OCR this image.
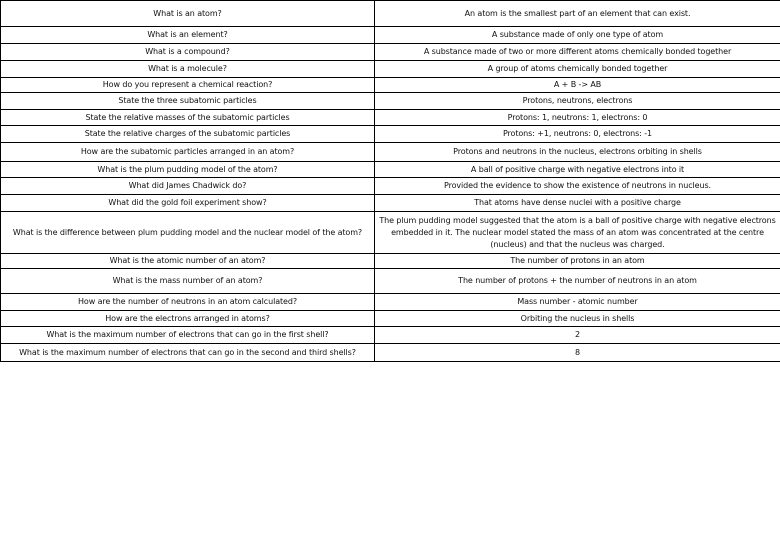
What is an atom?	An atom is the smallest part of an element that can exist.
What is an element?	A substance made of only one type of atom
What is a compound?	A substance made of two or more different atoms chemically bonded together
What is a molecule?	A group of atoms chemically bonded together
How do you represent a chemical reaction?	A + B -> AB
State the three subatomic particles	Protons, neutrons, electrons
State the relative masses of the subatomic particles	Protons: 1, neutrons: 1, electrons: 0
State the relative charges of the subatomic particles	Protons: +1, neutrons: 0, electrons: -1
How are the subatomic particles arranged in an atom?	Protons and neutrons in the nucleus, electrons orbiting in shells
What is the plum pudding model of the atom?	A ball of positive charge with negative electrons into it
What did James Chadwick do?	Provided the evidence to show the existence of neutrons in nucleus.
What did the gold foil experiment show?	That atoms have dense nuclei with a positive charge
What is the difference between plum pudding model and the nuclear model of the atom?	The plum pudding model suggested that the atom is a ball of positive charge with negative electrons embedded in it. The nuclear model stated the mass of an atom was concentrated at the centre (nucleus) and that the nucleus was charged.
What is the atomic number of an atom?	The number of protons in an atom
What is the mass number of an atom?	The number of protons + the number of neutrons in an atom
How are the number of neutrons in an atom calculated?	Mass number - atomic number
How are the electrons arranged in atoms?	Orbiting the nucleus in shells
What is the maximum number of electrons that can go in the first shell?	2
What is the maximum number of electrons that can go in the second and third shells?	8
